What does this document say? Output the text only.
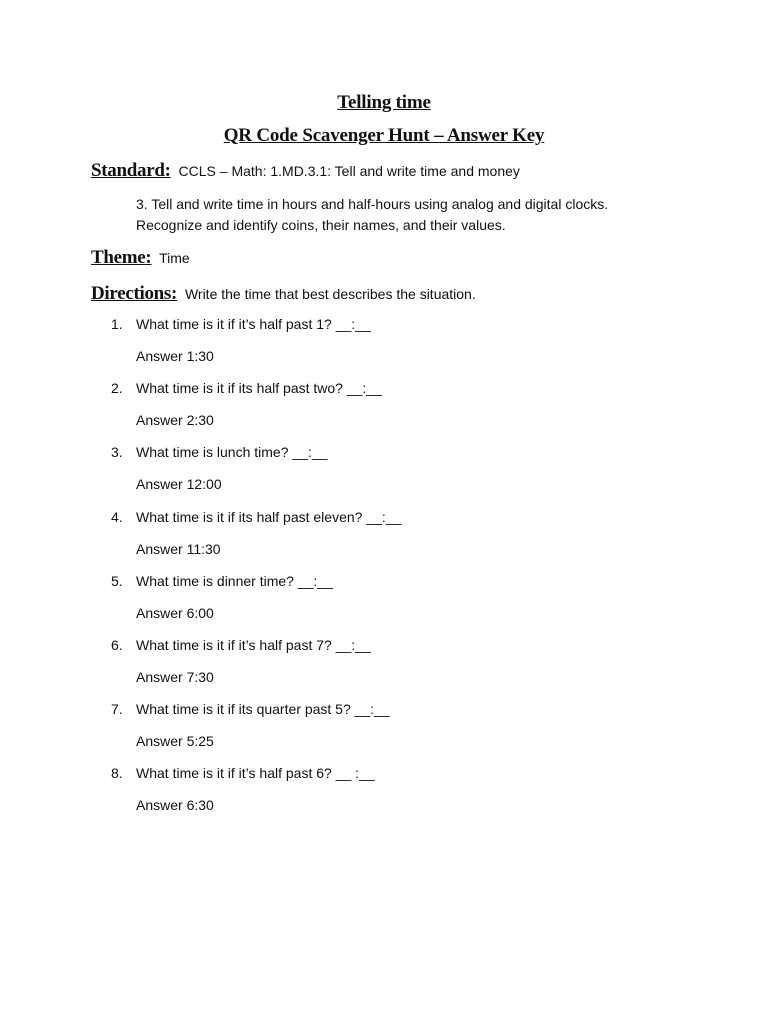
Telling time
QR Code Scavenger Hunt – Answer Key
Standard: CCLS – Math: 1.MD.3.1: Tell and write time and money
3. Tell and write time in hours and half-hours using analog and digital clocks. Recognize and identify coins, their names, and their values.
Theme: Time
Directions: Write the time that best describes the situation.
1. What time is it if it’s half past 1? __:__
Answer 1:30
2. What time is it if its half past two? __:__
Answer 2:30
3. What time is lunch time? __:__
Answer 12:00
4. What time is it if its half past eleven? __:__
Answer 11:30
5. What time is dinner time? __:__
Answer 6:00
6. What time is it if it’s half past 7? __:__
Answer 7:30
7. What time is it if its quarter past 5? __:__
Answer 5:25
8. What time is it if it’s half past 6? __ :__
Answer 6:30
